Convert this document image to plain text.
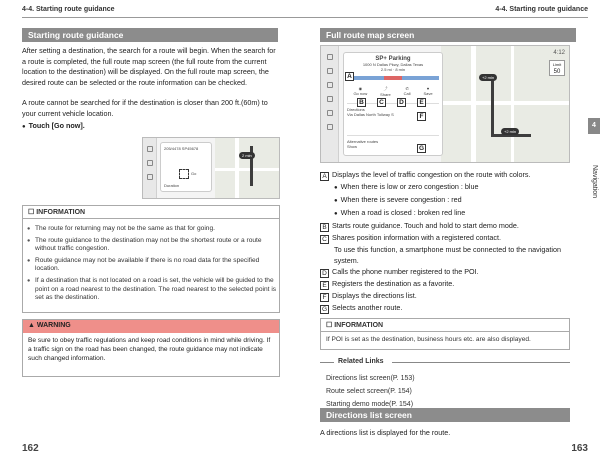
4-4. Starting route guidance
Starting route guidance
After setting a destination, the search for a route will begin. When the search for a route is completed, the full route map screen (the full route from the current location to the destination) will be displayed. On the full route map screen, the desired route can be selected or the route information can be checked.
A route cannot be searched for if the destination is closer than 200 ft.(60m) to your current vehicle location.
● Touch [Go now].
2 min
205/4478 SP45678
Go
Duration
☐ INFORMATION
● The route for returning may not be the same as that for going.
● The route guidance to the destination may not be the shortest route or a route without traffic congestion.
● Route guidance may not be available if there is no road data for the specified location.
● If a destination that is not located on a road is set, the vehicle will be guided to the point on a road nearest to the destination. The road nearest to the selected point is set as the destination.
▲ WARNING
Be sure to obey traffic regulations and keep road conditions in mind while driving. If a traffic sign on the road has been changed, the route guidance may not indicate such changed information.
162
4-4. Starting route guidance
Full route map screen
+2 min
+2 min
4:12
Limit
50
SP+ Parking
1000 N Dallas Pkwy, Dallas Texas
2.5 mi · 8 min
◉
Go now
⤴
Share
✆
Call
♥
Save
Directions
Via Dallas North Tollway S
Alternative routes
Show
A
B	C	D	E
F
G
A Displays the level of traffic congestion on the route with colors.
● When there is low or zero congestion : blue
● When there is severe congestion : red
● When a road is closed : broken red line
B Starts route guidance. Touch and hold to start demo mode.
C Shares position information with a registered contact.
To use this function, a smartphone must be connected to the navigation system.
D Calls the phone number registered to the POI.
E Registers the destination as a favorite.
F Displays the directions list.
G Selects another route.
☐ INFORMATION
If POI is set as the destination, business hours etc. are also displayed.
Related Links
Directions list screen(P. 153)
Route select screen(P. 154)
Starting demo mode(P. 154)
Directions list screen
A directions list is displayed for the route.
163
4
Navigation
